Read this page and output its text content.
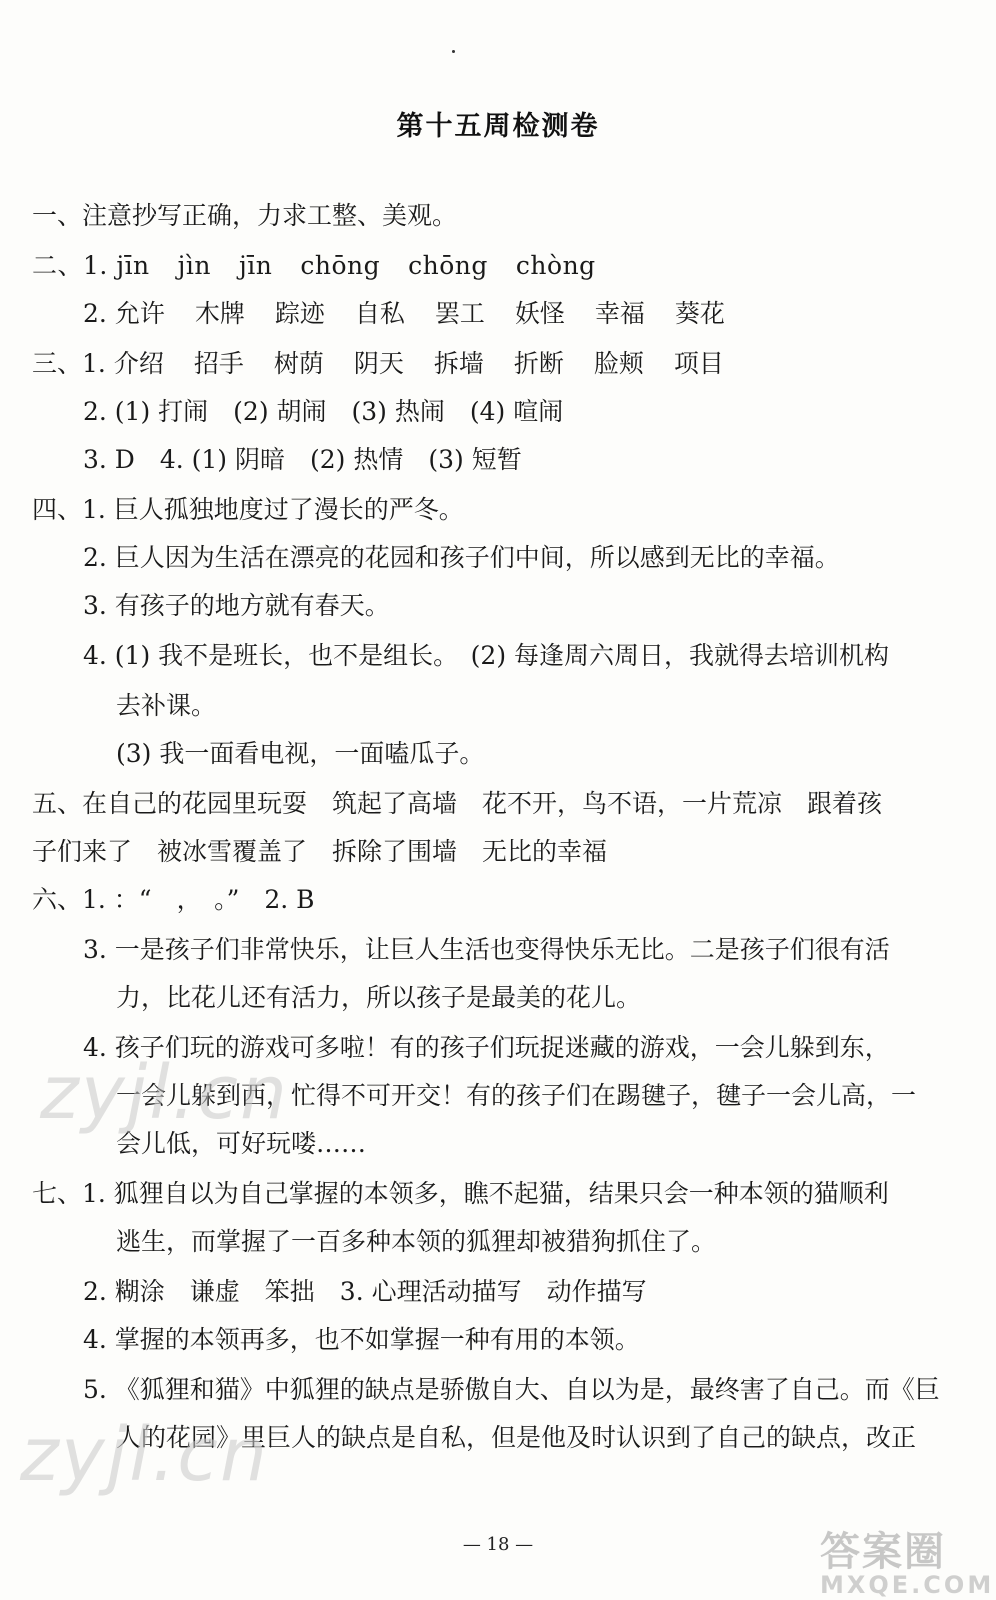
第十五周检测卷
一、注意抄写正确，力求工整、美观。
二、1. jīn jìn jīn chōng chōng chòng
2. 允许 木牌 踪迹 自私 罢工 妖怪 幸福 葵花
三、1. 介绍 招手 树荫 阴天 拆墙 折断 脸颊 项目
2. (1) 打闹　(2) 胡闹　(3) 热闹　(4) 喧闹
3. D　4. (1) 阴暗　(2) 热情　(3) 短暂
四、1. 巨人孤独地度过了漫长的严冬。
2. 巨人因为生活在漂亮的花园和孩子们中间，所以感到无比的幸福。
3. 有孩子的地方就有春天。
4. (1) 我不是班长，也不是组长。　(2) 每逢周六周日，我就得去培训机构
去补课。
(3) 我一面看电视，一面嗑瓜子。
五、在自己的花园里玩耍　筑起了高墙　花不开，鸟不语，一片荒凉　跟着孩
子们来了　被冰雪覆盖了　拆除了围墙　无比的幸福
六、1. ：“　，　。”　2. B
3. 一是孩子们非常快乐，让巨人生活也变得快乐无比。二是孩子们很有活
力，比花儿还有活力，所以孩子是最美的花儿。
4. 孩子们玩的游戏可多啦！有的孩子们玩捉迷藏的游戏，一会儿躲到东，
一会儿躲到西，忙得不可开交！有的孩子们在踢毽子，毽子一会儿高，一
会儿低，可好玩喽……
七、1. 狐狸自以为自己掌握的本领多，瞧不起猫，结果只会一种本领的猫顺利
逃生，而掌握了一百多种本领的狐狸却被猎狗抓住了。
2. 糊涂　谦虚　笨拙　3. 心理活动描写　动作描写
4. 掌握的本领再多，也不如掌握一种有用的本领。
5. 《狐狸和猫》中狐狸的缺点是骄傲自大、自以为是，最终害了自己。而《巨
人的花园》里巨人的缺点是自私，但是他及时认识到了自己的缺点，改正
zyjl.cn
zyjl.cn
— 18 —	答案圈
MXQE.COM
